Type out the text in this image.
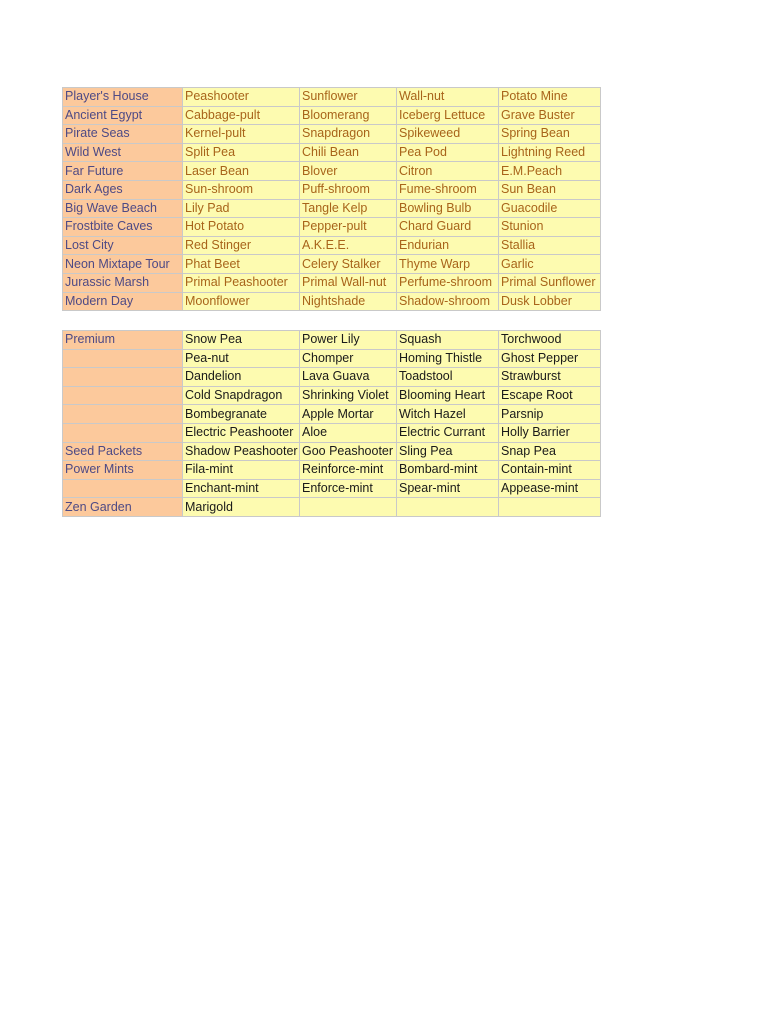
Player's House	Peashooter	Sunflower	Wall-nut	Potato Mine
Ancient Egypt	Cabbage-pult	Bloomerang	Iceberg Lettuce	Grave Buster
Pirate Seas	Kernel-pult	Snapdragon	Spikeweed	Spring Bean
Wild West	Split Pea	Chili Bean	Pea Pod	Lightning Reed
Far Future	Laser Bean	Blover	Citron	E.M.Peach
Dark Ages	Sun-shroom	Puff-shroom	Fume-shroom	Sun Bean
Big Wave Beach	Lily Pad	Tangle Kelp	Bowling Bulb	Guacodile
Frostbite Caves	Hot Potato	Pepper-pult	Chard Guard	Stunion
Lost City	Red Stinger	A.K.E.E.	Endurian	Stallia
Neon Mixtape Tour	Phat Beet	Celery Stalker	Thyme Warp	Garlic
Jurassic Marsh	Primal Peashooter	Primal Wall-nut	Perfume-shroom	Primal Sunflower
Modern Day	Moonflower	Nightshade	Shadow-shroom	Dusk Lobber
Premium	Snow Pea	Power Lily	Squash	Torchwood
	Pea-nut	Chomper	Homing Thistle	Ghost Pepper
	Dandelion	Lava Guava	Toadstool	Strawburst
	Cold Snapdragon	Shrinking Violet	Blooming Heart	Escape Root
	Bombegranate	Apple Mortar	Witch Hazel	Parsnip
	Electric Peashooter	Aloe	Electric Currant	Holly Barrier
Seed Packets	Shadow Peashooter	Goo Peashooter	Sling Pea	Snap Pea
Power Mints	Fila-mint	Reinforce-mint	Bombard-mint	Contain-mint
	Enchant-mint	Enforce-mint	Spear-mint	Appease-mint
Zen Garden	Marigold			
